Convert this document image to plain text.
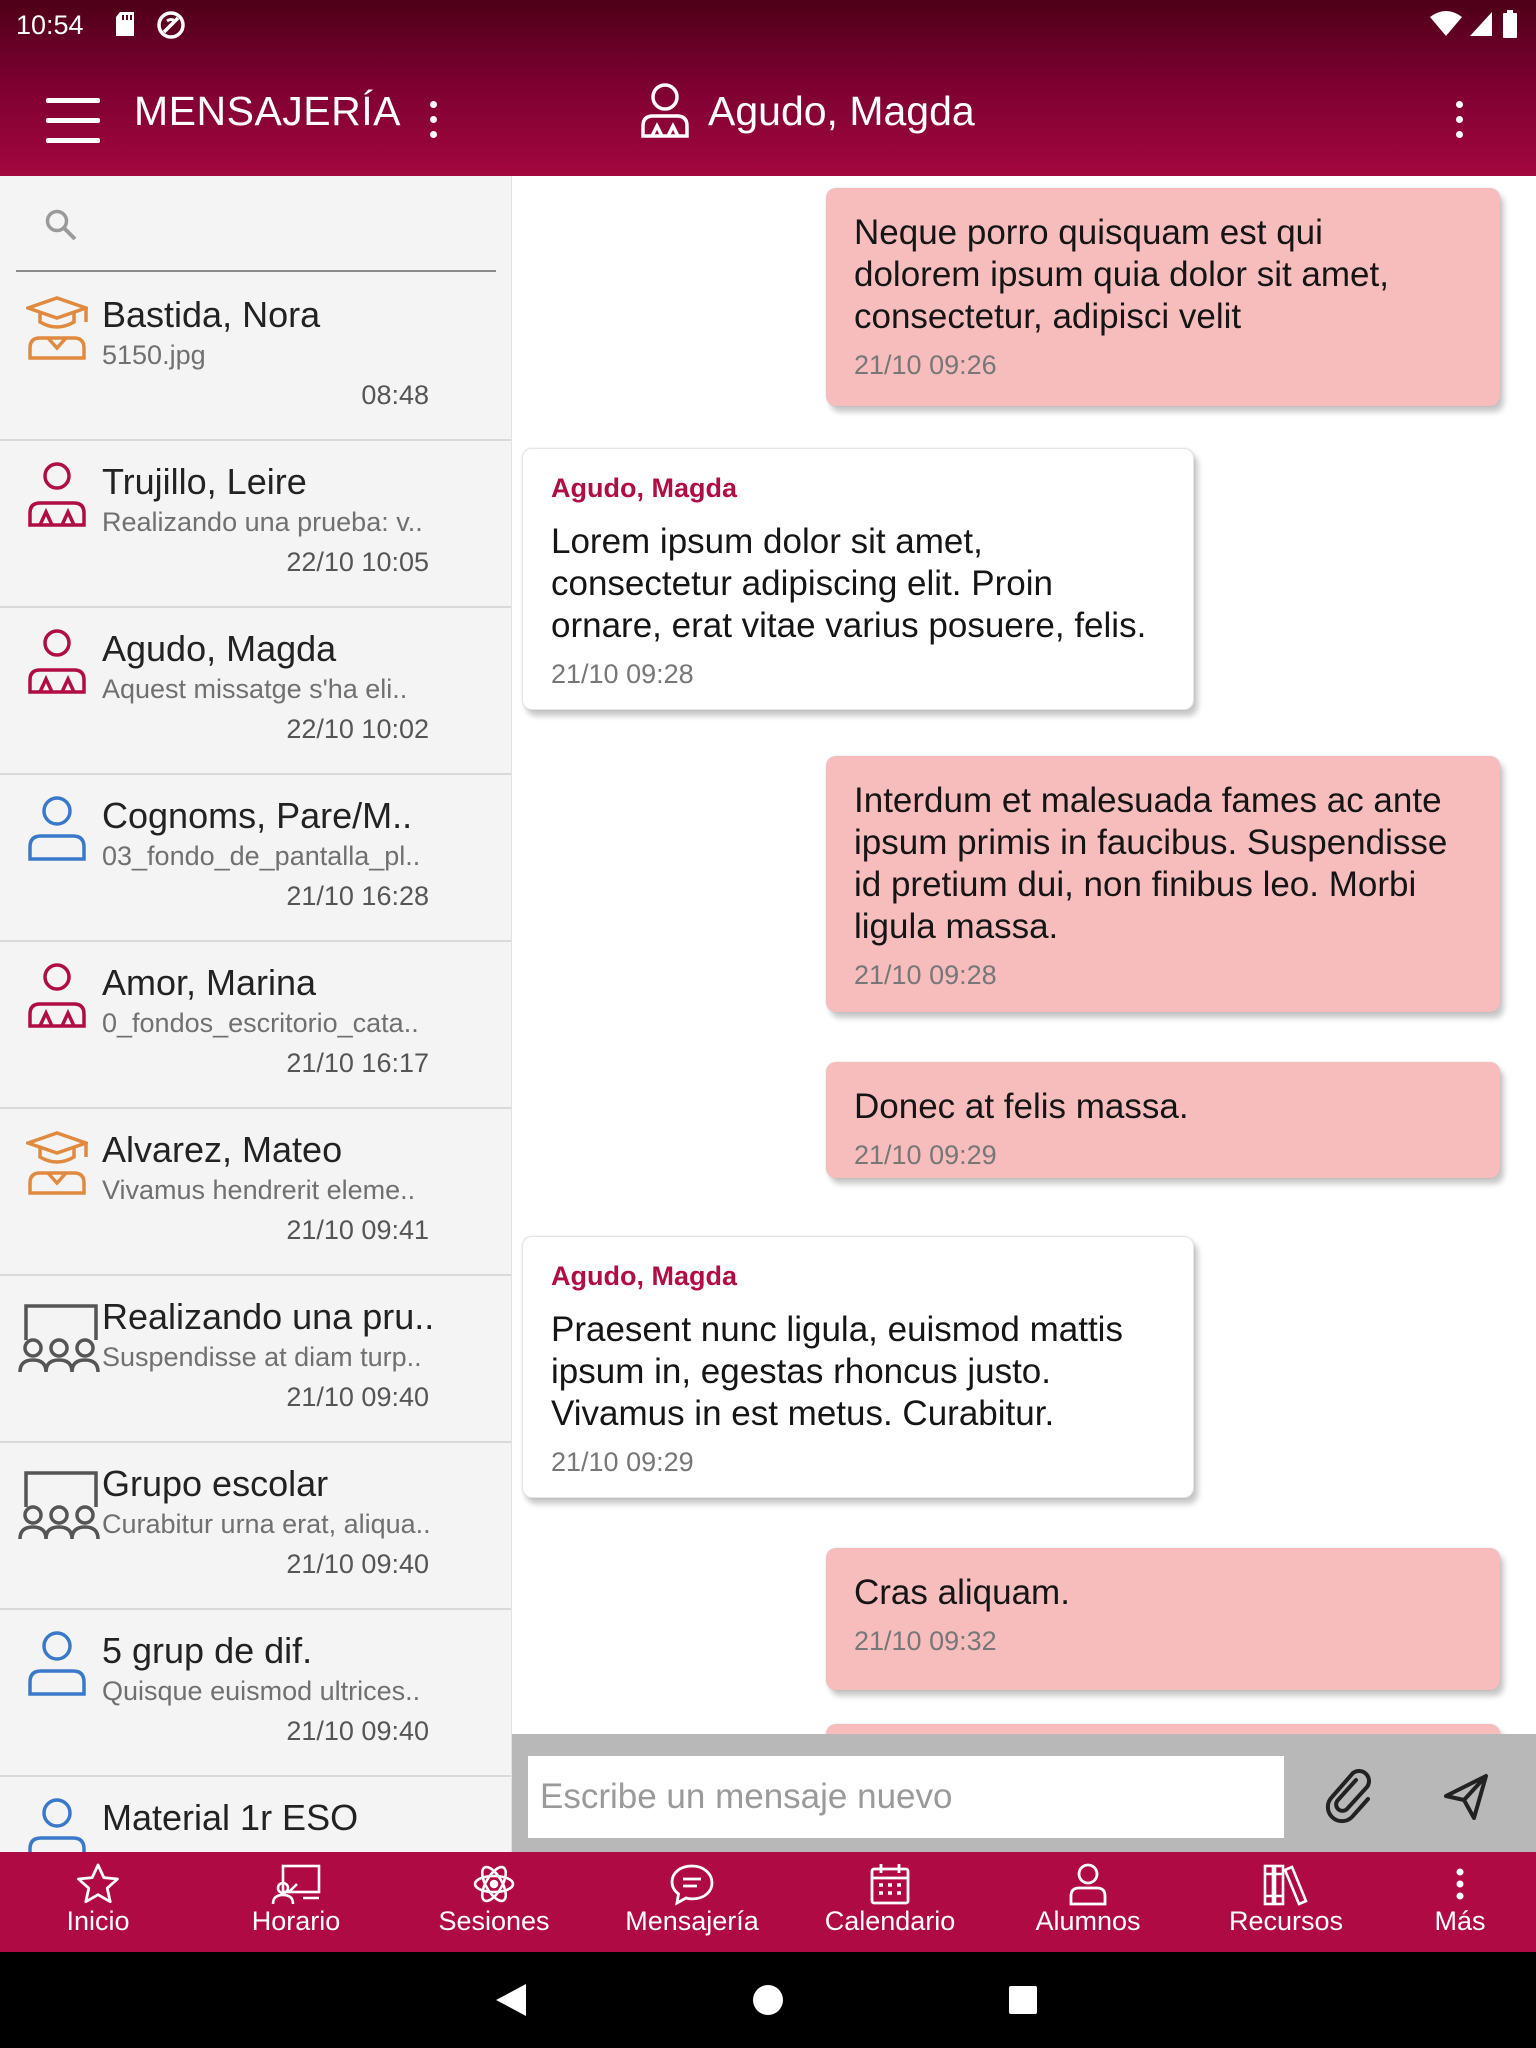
10:54
MENSAJERÍA	Agudo, Magda
Bastida, Nora
5150.jpg
08:48
Trujillo, Leire
Realizando una prueba: v..
22/10 10:05
Agudo, Magda
Aquest missatge s'ha eli..
22/10 10:02
Cognoms, Pare/M..
03_fondo_de_pantalla_pl..
21/10 16:28
Amor, Marina
0_fondos_escritorio_cata..
21/10 16:17
Alvarez, Mateo
Vivamus hendrerit eleme..
21/10 09:41
Realizando una pru..
Suspendisse at diam turp..
21/10 09:40
Grupo escolar
Curabitur urna erat, aliqua..
21/10 09:40
5 grup de dif.
Quisque euismod ultrices..
21/10 09:40
Material 1r ESO
Neque porro quisquam est qui
dolorem ipsum quia dolor sit amet,
consectetur, adipisci velit
21/10 09:26
Agudo, Magda
Lorem ipsum dolor sit amet,
consectetur adipiscing elit. Proin
ornare, erat vitae varius posuere, felis.
21/10 09:28
Interdum et malesuada fames ac ante
ipsum primis in faucibus. Suspendisse
id pretium dui, non finibus leo. Morbi
ligula massa.
21/10 09:28
Donec at felis massa.
21/10 09:29
Agudo, Magda
Praesent nunc ligula, euismod mattis
ipsum in, egestas rhoncus justo.
Vivamus in est metus. Curabitur.
21/10 09:29
Cras aliquam.
21/10 09:32
Escribe un mensaje nuevo
Inicio	Horario	Sesiones	Mensajería Calendario	Alumnos	Recursos	Más
